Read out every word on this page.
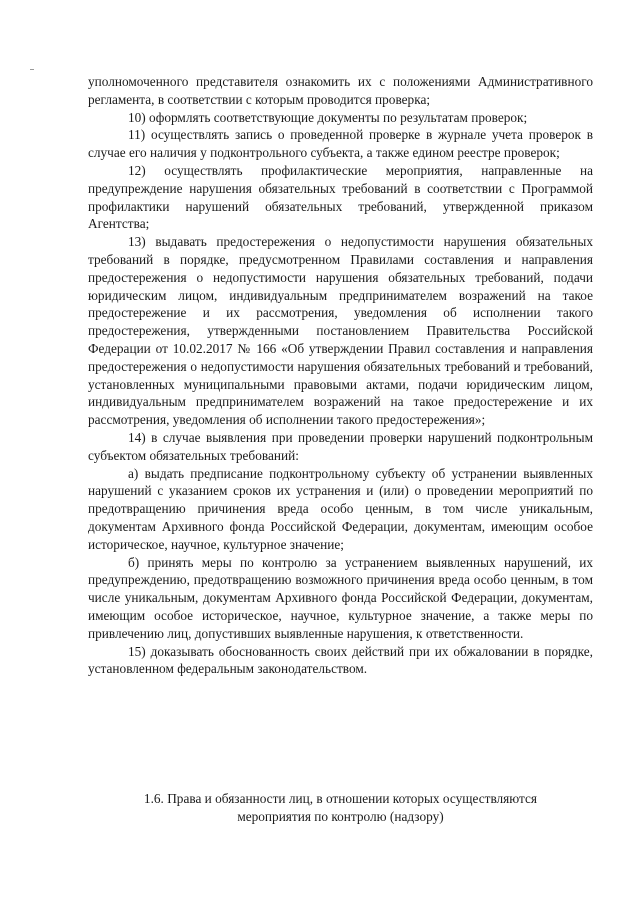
уполномоченного представителя ознакомить их с положениями Административного регламента, в соответствии с которым проводится проверка;

10) оформлять соответствующие документы по результатам проверок;

11) осуществлять запись о проведенной проверке в журнале учета проверок в случае его наличия у подконтрольного субъекта, а также едином реестре проверок;

12) осуществлять профилактические мероприятия, направленные на предупреждение нарушения обязательных требований в соответствии с Программой профилактики нарушений обязательных требований, утвержденной приказом Агентства;

13) выдавать предостережения о недопустимости нарушения обязательных требований в порядке, предусмотренном Правилами составления и направления предостережения о недопустимости нарушения обязательных требований, подачи юридическим лицом, индивидуальным предпринимателем возражений на такое предостережение и их рассмотрения, уведомления об исполнении такого предостережения, утвержденными постановлением Правительства Российской Федерации от 10.02.2017 № 166 «Об утверждении Правил составления и направления предостережения о недопустимости нарушения обязательных требований и требований, установленных муниципальными правовыми актами, подачи юридическим лицом, индивидуальным предпринимателем возражений на такое предостережение и их рассмотрения, уведомления об исполнении такого предостережения»;

14) в случае выявления при проведении проверки нарушений подконтрольным субъектом обязательных требований:

а) выдать предписание подконтрольному субъекту об устранении выявленных нарушений с указанием сроков их устранения и (или) о проведении мероприятий по предотвращению причинения вреда особо ценным, в том числе уникальным, документам Архивного фонда Российской Федерации, документам, имеющим особое историческое, научное, культурное значение;

б) принять меры по контролю за устранением выявленных нарушений, их предупреждению, предотвращению возможного причинения вреда особо ценным, в том числе уникальным, документам Архивного фонда Российской Федерации, документам, имеющим особое историческое, научное, культурное значение, а также меры по привлечению лиц, допустивших выявленные нарушения, к ответственности.

15) доказывать обоснованность своих действий при их обжаловании в порядке, установленном федеральным законодательством.

1.6. Права и обязанности лиц, в отношении которых осуществляются
мероприятия по контролю (надзору)
